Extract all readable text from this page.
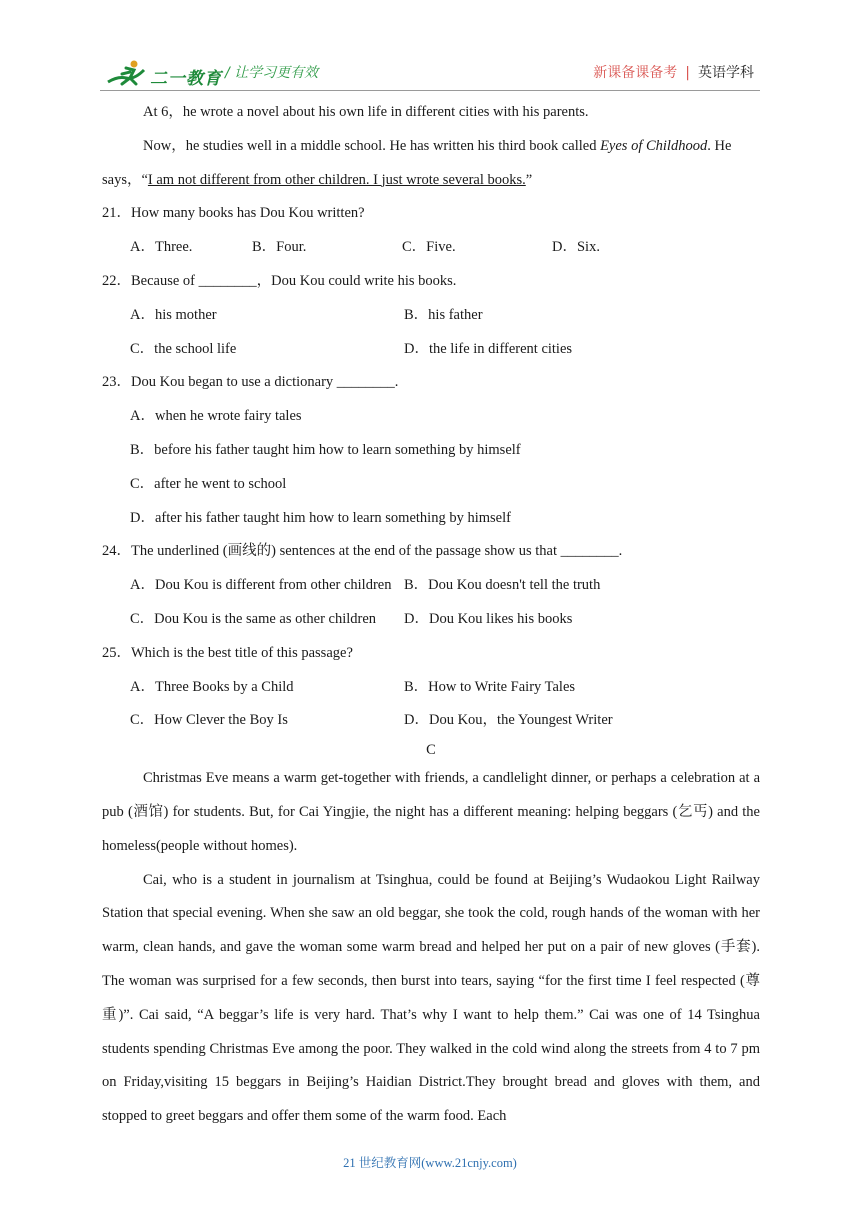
二一教育 / 让学习更有效	新课备课备考 | 英语学科
At 6，he wrote a novel about his own life in different cities with his parents.
Now，he studies well in a middle school. He has written his third book called Eyes of Childhood. He
says，“I am not different from other children. I just wrote several books.”
21．How many books has Dou Kou written?
A．Three.	B．Four.	C．Five.	D．Six.
22．Because of ________，Dou Kou could write his books.
A．his mother	B．his father
C．the school life	D．the life in different cities
23．Dou Kou began to use a dictionary ________.
A．when he wrote fairy tales
B．before his father taught him how to learn something by himself
C．after he went to school
D．after his father taught him how to learn something by himself
24．The underlined (画线的) sentences at the end of the passage show us that ________.
A．Dou Kou is different from other children B．Dou Kou doesn't tell the truth
C．Dou Kou is the same as other children	D．Dou Kou likes his books
25．Which is the best title of this passage?
A．Three Books by a Child	B．How to Write Fairy Tales
C．How Clever the Boy Is	D．Dou Kou，the Youngest Writer
C
Christmas Eve means a warm get-together with friends, a candlelight dinner, or perhaps a celebration at a pub (酒馆) for students. But, for Cai Yingjie, the night has a different meaning: helping beggars (乞丐) and the homeless(people without homes).
Cai, who is a student in journalism at Tsinghua, could be found at Beijing’s Wudaokou Light Railway Station that special evening. When she saw an old beggar, she took the cold, rough hands of the woman with her warm, clean hands, and gave the woman some warm bread and helped her put on a pair of new gloves (手套). The woman was surprised for a few seconds, then burst into tears, saying “for the first time I feel respected (尊重)”. Cai said, “A beggar’s life is very hard. That’s why I want to help them.” Cai was one of 14 Tsinghua students spending Christmas Eve among the poor. They walked in the cold wind along the streets from 4 to 7 pm on Friday,visiting 15 beggars in Beijing’s Haidian District.They brought bread and gloves with them, and stopped to greet beggars and offer them some of the warm food. Each
21 世纪教育网(www.21cnjy.com)
